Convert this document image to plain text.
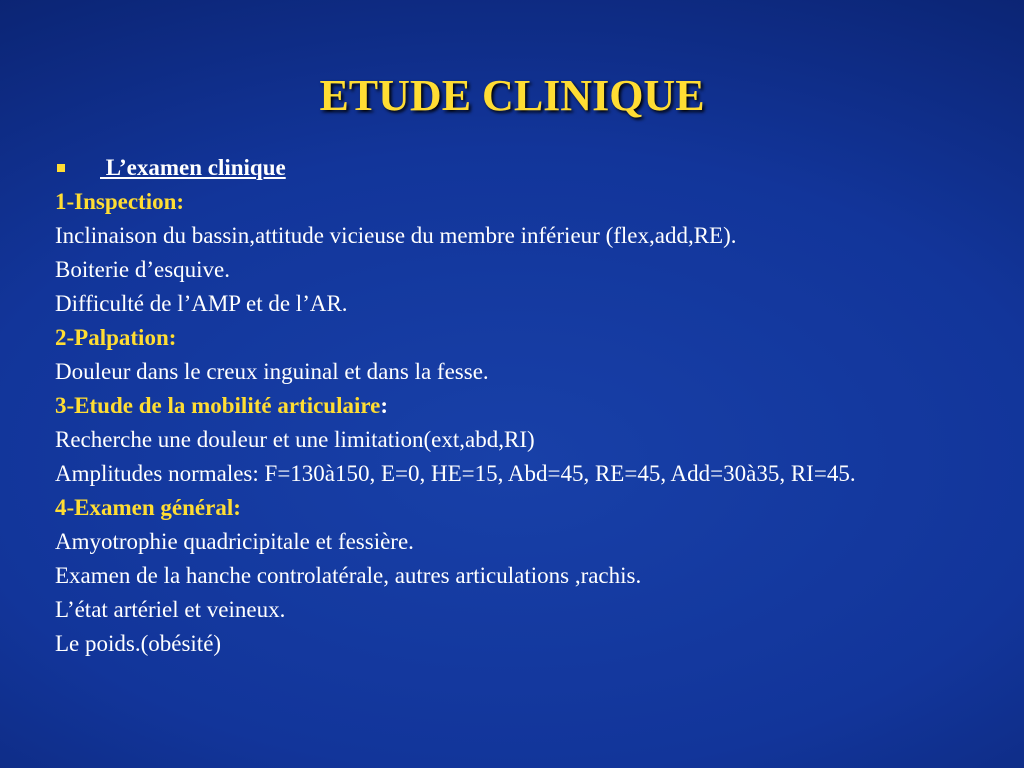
ETUDE CLINIQUE
L’examen clinique
1-Inspection:
Inclinaison du bassin,attitude vicieuse du membre inférieur (flex,add,RE).
Boiterie d’esquive.
Difficulté de l’AMP et de l’AR.
2-Palpation:
Douleur dans le creux inguinal et dans la fesse.
3-Etude de la mobilité articulaire:
Recherche une douleur et une limitation(ext,abd,RI)
Amplitudes normales: F=130à150, E=0, HE=15, Abd=45, RE=45, Add=30à35, RI=45.
4-Examen général:
Amyotrophie quadricipitale et fessière.
Examen de la hanche controlatérale, autres articulations ,rachis.
L’état artériel et veineux.
Le poids.(obésité)
